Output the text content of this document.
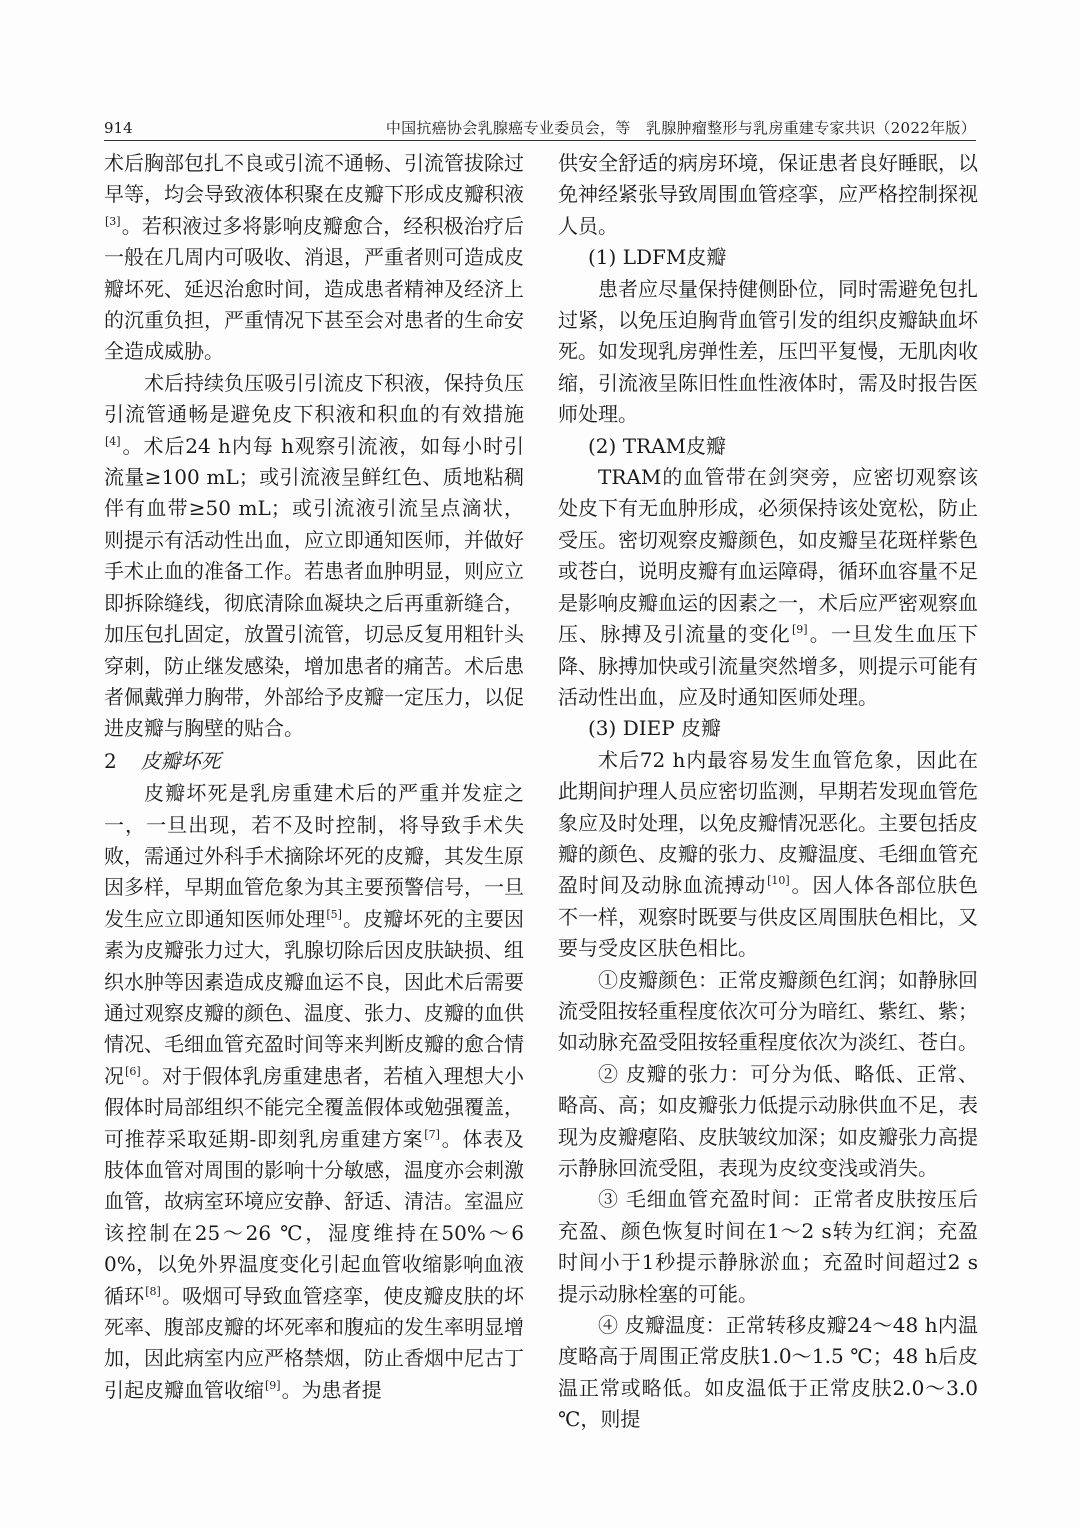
914	中国抗癌协会乳腺癌专业委员会，等　乳腺肿瘤整形与乳房重建专家共识（2022年版）

术后胸部包扎不良或引流不通畅、引流管拔除过早等，均会导致液体积聚在皮瓣下形成皮瓣积液[3]。若积液过多将影响皮瓣愈合，经积极治疗后一般在几周内可吸收、消退，严重者则可造成皮瓣坏死、延迟治愈时间，造成患者精神及经济上的沉重负担，严重情况下甚至会对患者的生命安全造成威胁。

术后持续负压吸引引流皮下积液，保持负压引流管通畅是避免皮下积液和积血的有效措施[4]。术后24 h内每 h观察引流液，如每小时引流量≥100 mL；或引流液呈鲜红色、质地粘稠伴有血带≥50 mL；或引流液引流呈点滴状，则提示有活动性出血，应立即通知医师，并做好手术止血的准备工作。若患者血肿明显，则应立即拆除缝线，彻底清除血凝块之后再重新缝合，加压包扎固定，放置引流管，切忌反复用粗针头穿刺，防止继发感染，增加患者的痛苦。术后患者佩戴弹力胸带，外部给予皮瓣一定压力，以促进皮瓣与胸壁的贴合。

2 皮瓣坏死

皮瓣坏死是乳房重建术后的严重并发症之一，一旦出现，若不及时控制，将导致手术失败，需通过外科手术摘除坏死的皮瓣，其发生原因多样，早期血管危象为其主要预警信号，一旦发生应立即通知医师处理[5]。皮瓣坏死的主要因素为皮瓣张力过大，乳腺切除后因皮肤缺损、组织水肿等因素造成皮瓣血运不良，因此术后需要通过观察皮瓣的颜色、温度、张力、皮瓣的血供情况、毛细血管充盈时间等来判断皮瓣的愈合情况[6]。对于假体乳房重建患者，若植入理想大小假体时局部组织不能完全覆盖假体或勉强覆盖，可推荐采取延期-即刻乳房重建方案[7]。体表及肢体血管对周围的影响十分敏感，温度亦会刺激血管，故病室环境应安静、舒适、清洁。室温应该控制在25～26 ℃，湿度维持在50%～60%，以免外界温度变化引起血管收缩影响血液循环[8]。吸烟可导致血管痉挛，使皮瓣皮肤的坏死率、腹部皮瓣的坏死率和腹疝的发生率明显增加，因此病室内应严格禁烟，防止香烟中尼古丁引起皮瓣血管收缩[9]。为患者提

供安全舒适的病房环境，保证患者良好睡眠，以免神经紧张导致周围血管痉挛，应严格控制探视人员。

(1) LDFM皮瓣

患者应尽量保持健侧卧位，同时需避免包扎过紧，以免压迫胸背血管引发的组织皮瓣缺血坏死。如发现乳房弹性差，压凹平复慢，无肌肉收缩，引流液呈陈旧性血性液体时，需及时报告医师处理。

(2) TRAM皮瓣

TRAM的血管带在剑突旁，应密切观察该处皮下有无血肿形成，必须保持该处宽松，防止受压。密切观察皮瓣颜色，如皮瓣呈花斑样紫色或苍白，说明皮瓣有血运障碍，循环血容量不足是影响皮瓣血运的因素之一，术后应严密观察血压、脉搏及引流量的变化[9]。一旦发生血压下降、脉搏加快或引流量突然增多，则提示可能有活动性出血，应及时通知医师处理。

(3) DIEP 皮瓣

术后72 h内最容易发生血管危象，因此在此期间护理人员应密切监测，早期若发现血管危象应及时处理，以免皮瓣情况恶化。主要包括皮瓣的颜色、皮瓣的张力、皮瓣温度、毛细血管充盈时间及动脉血流搏动[10]。因人体各部位肤色不一样，观察时既要与供皮区周围肤色相比，又要与受皮区肤色相比。

①皮瓣颜色：正常皮瓣颜色红润；如静脉回流受阻按轻重程度依次可分为暗红、紫红、紫；如动脉充盈受阻按轻重程度依次为淡红、苍白。

② 皮瓣的张力：可分为低、略低、正常、略高、高；如皮瓣张力低提示动脉供血不足，表现为皮瓣瘪陷、皮肤皱纹加深；如皮瓣张力高提示静脉回流受阻，表现为皮纹变浅或消失。

③ 毛细血管充盈时间：正常者皮肤按压后充盈、颜色恢复时间在1～2 s转为红润；充盈时间小于1秒提示静脉淤血；充盈时间超过2 s提示动脉栓塞的可能。

④ 皮瓣温度：正常转移皮瓣24～48 h内温度略高于周围正常皮肤1.0～1.5 ℃；48 h后皮温正常或略低。如皮温低于正常皮肤2.0～3.0 ℃，则提
